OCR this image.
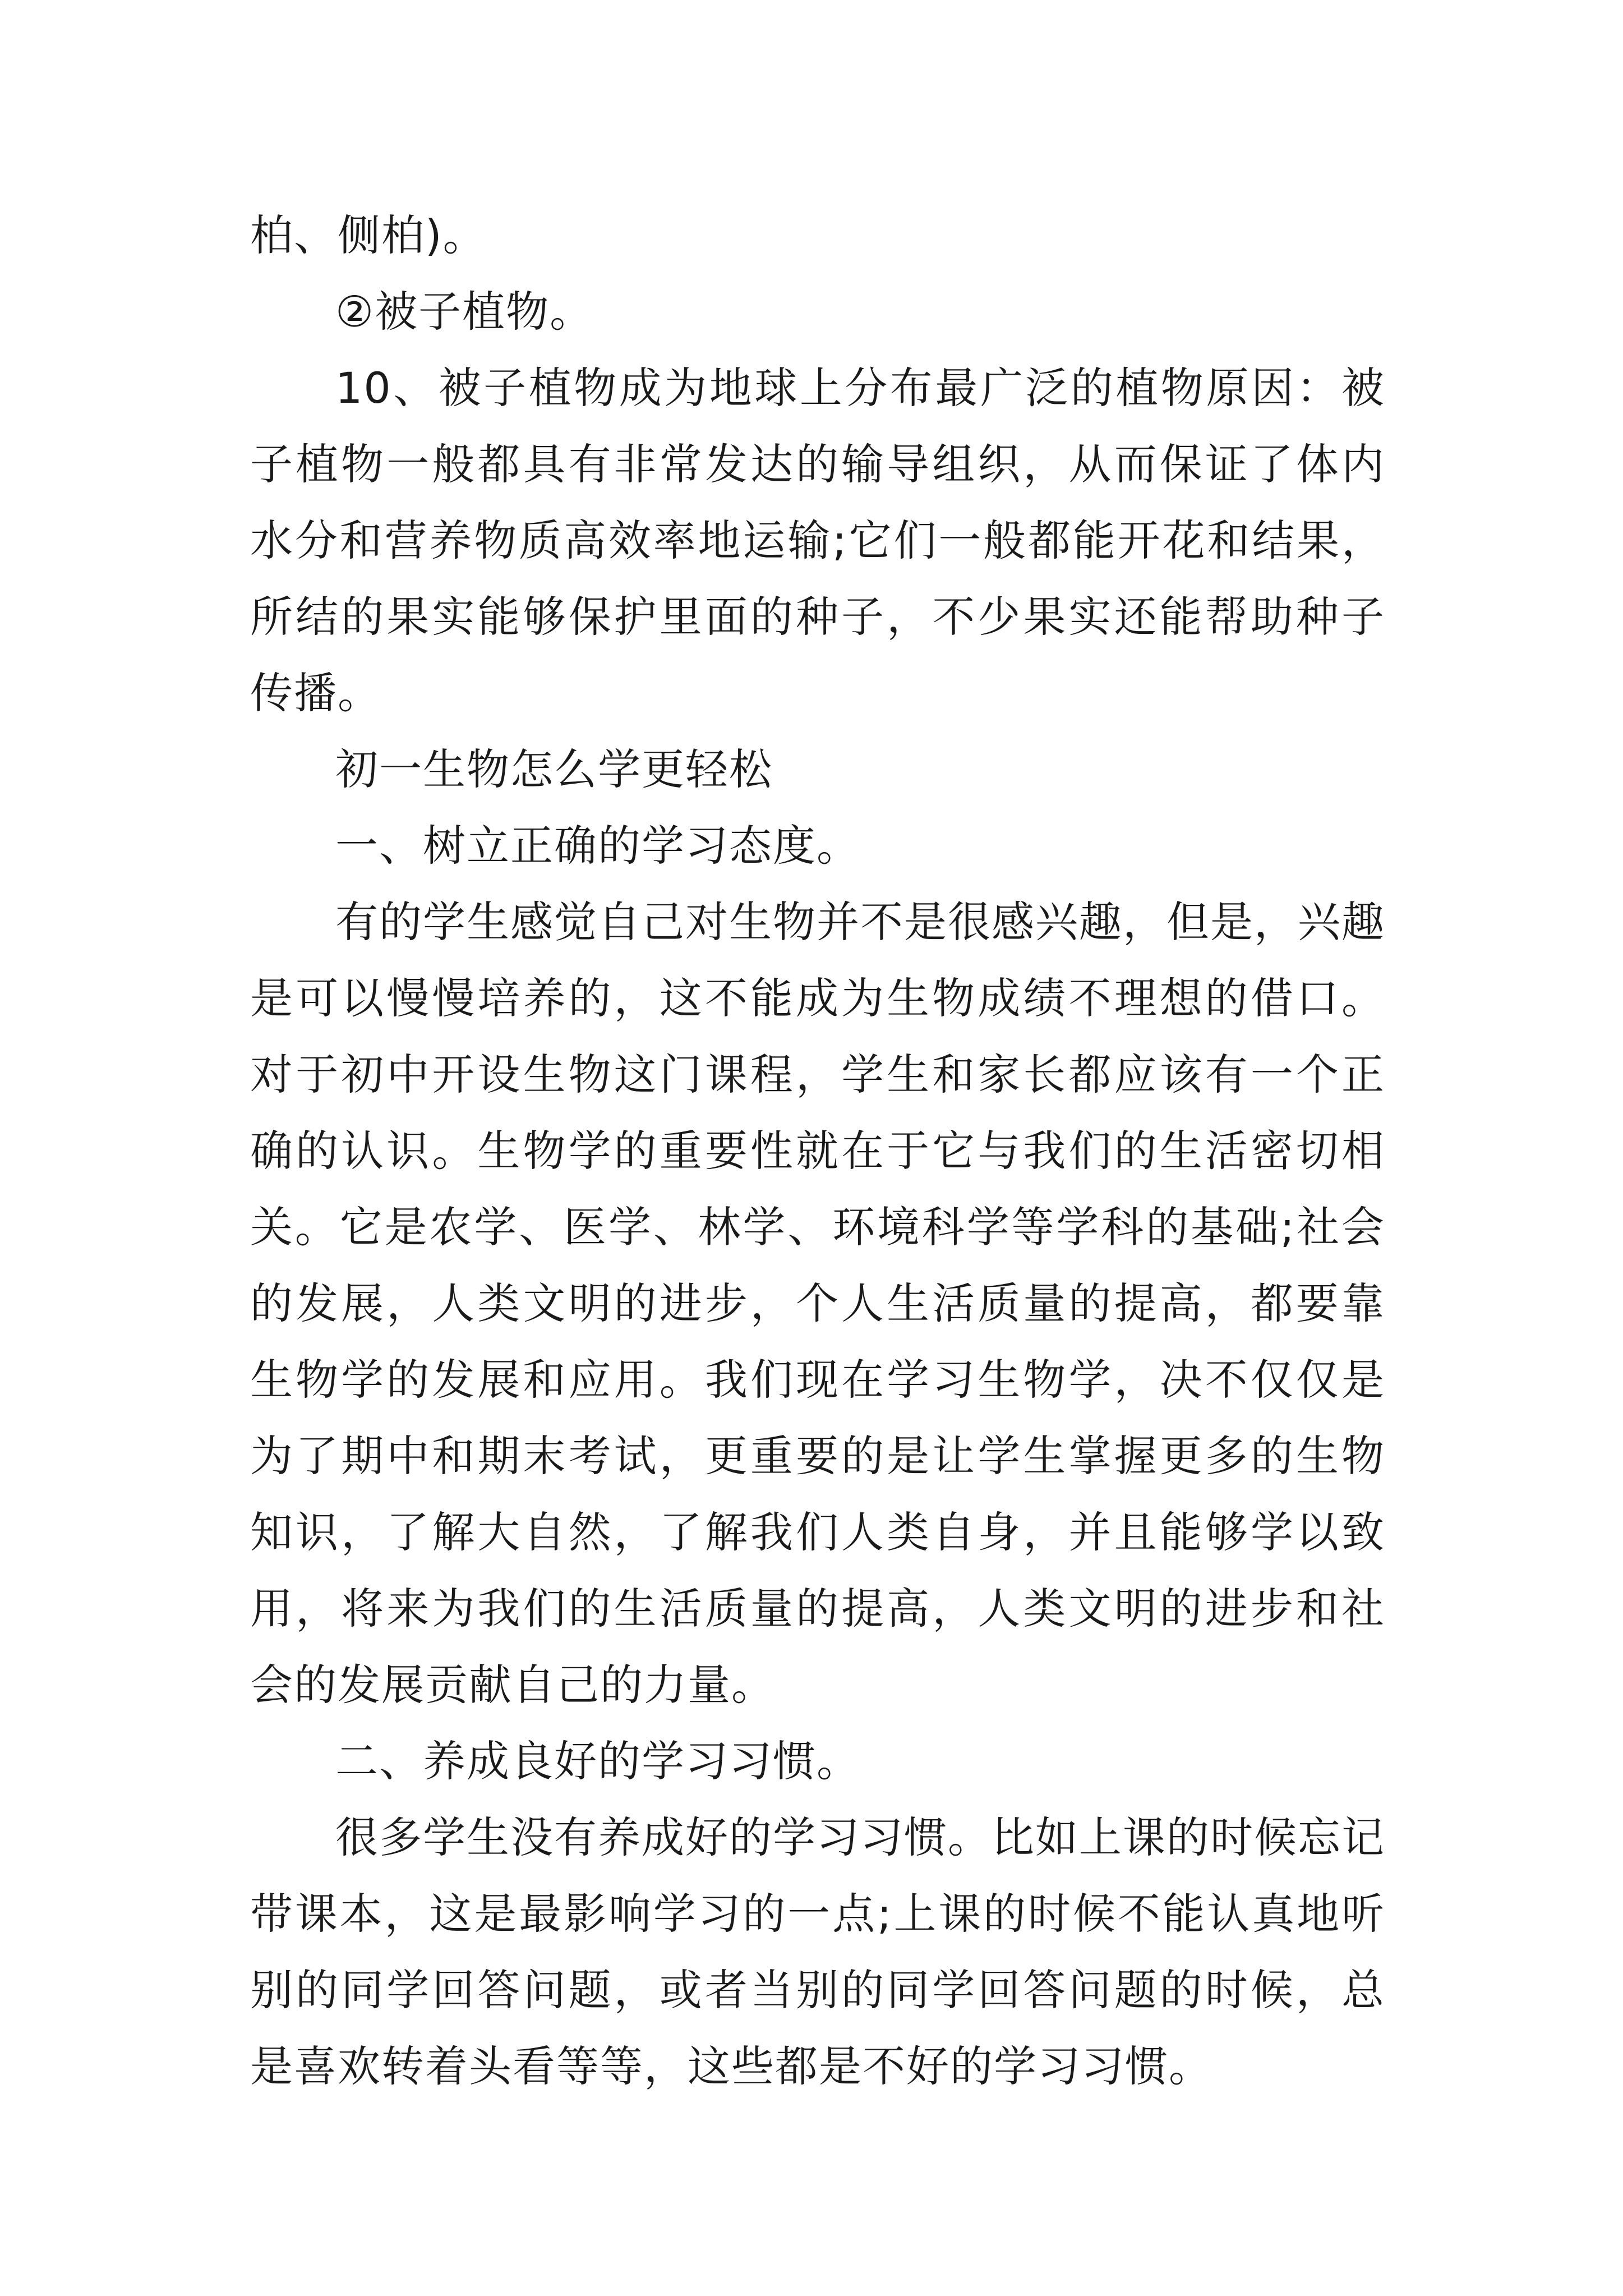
柏、侧柏)。

②被子植物。

10、被子植物成为地球上分布最广泛的植物原因：被子植物一般都具有非常发达的输导组织，从而保证了体内水分和营养物质高效率地运输;它们一般都能开花和结果，所结的果实能够保护里面的种子，不少果实还能帮助种子传播。

初一生物怎么学更轻松

一、树立正确的学习态度。

有的学生感觉自己对生物并不是很感兴趣，但是，兴趣是可以慢慢培养的，这不能成为生物成绩不理想的借口。对于初中开设生物这门课程，学生和家长都应该有一个正确的认识。生物学的重要性就在于它与我们的生活密切相关。它是农学、医学、林学、环境科学等学科的基础;社会的发展，人类文明的进步，个人生活质量的提高，都要靠生物学的发展和应用。我们现在学习生物学，决不仅仅是为了期中和期末考试，更重要的是让学生掌握更多的生物知识，了解大自然，了解我们人类自身，并且能够学以致用，将来为我们的生活质量的提高，人类文明的进步和社会的发展贡献自己的力量。

二、养成良好的学习习惯。

很多学生没有养成好的学习习惯。比如上课的时候忘记带课本，这是最影响学习的一点;上课的时候不能认真地听别的同学回答问题，或者当别的同学回答问题的时候，总是喜欢转着头看等等，这些都是不好的学习习惯。
